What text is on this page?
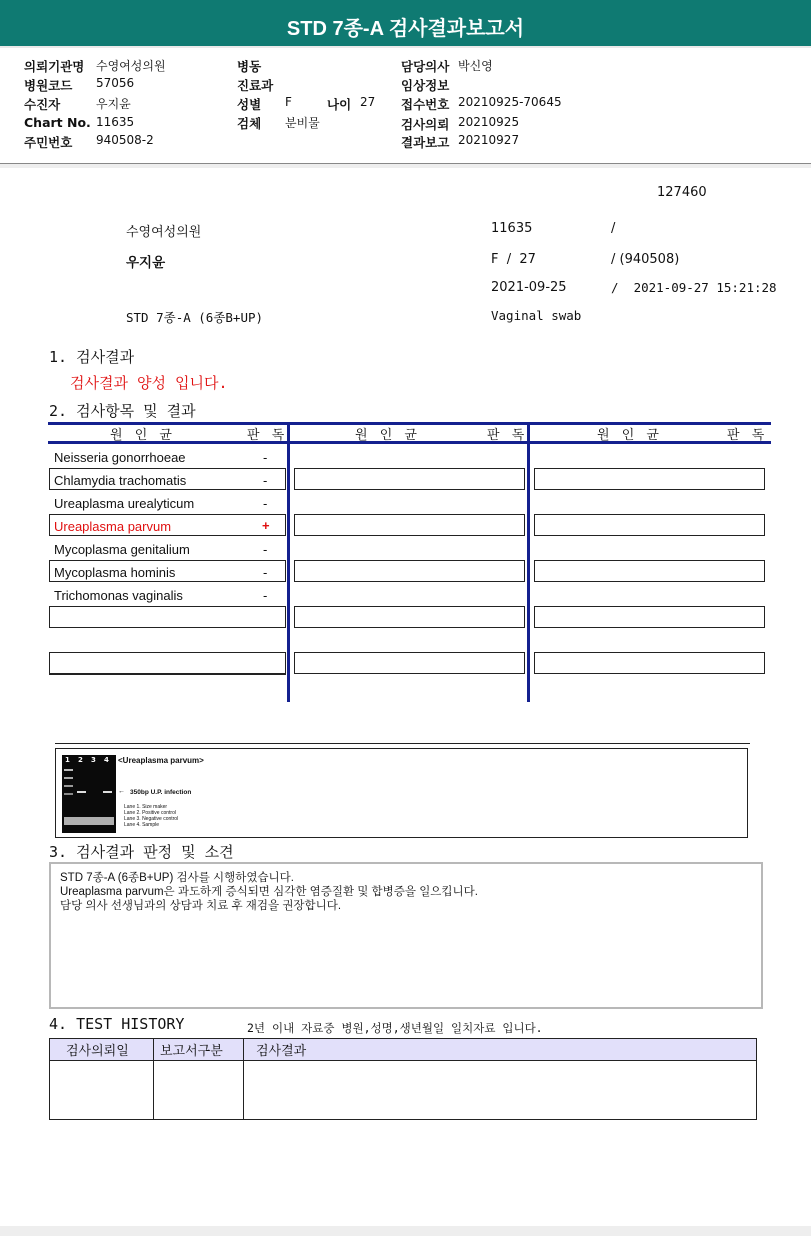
STD 7종-A 검사결과보고서
의뢰기관명 수영여성의원
병원코드 57056
수진자	우지윤
Chart No. 11635
주민번호 940508-2
병동
진료과
성별 F	나이 27
검체 분비물
담당의사 박신영
임상정보
접수번호 20210925-70645
검사의뢰 20210925
결과보고 20210927
127460
수영여성의원	11635	/
우지윤	F  /  27	/ (940508)
2021-09-25	/  2021-09-27 15:21:28
STD 7종-A (6종B+UP)	Vaginal swab
1. 검사결과
검사결과 양성 입니다.
2. 검사항목 및 결과
원 인 균	판 독	원 인 균	판 독	원 인 균	판 독
Neisseria gonorrhoeae	-
Chlamydia trachomatis	-
Ureaplasma urealyticum	-
Ureaplasma parvum	+
Mycoplasma genitalium	-
Mycoplasma hominis	-
Trichomonas vaginalis	-
1 2 3 4 <Ureaplasma parvum>
← 350bp U.P. infection
Lane 1. Size maker
Lane 2. Positive control
Lane 3. Negative control
Lane 4. Sample
3. 검사결과 판정 및 소견
STD 7종-A (6종B+UP) 검사를 시행하였습니다.
Ureaplasma parvum은 과도하게 증식되면 심각한 염증질환 및 합병증을 일으킵니다.
담당 의사 선생님과의 상담과 치료 후 재검을 권장합니다.
4. TEST HISTORY	2년 이내 자료중 병원,성명,생년월일 일치자료 입니다.
검사의뢰일 보고서구분	검사결과
